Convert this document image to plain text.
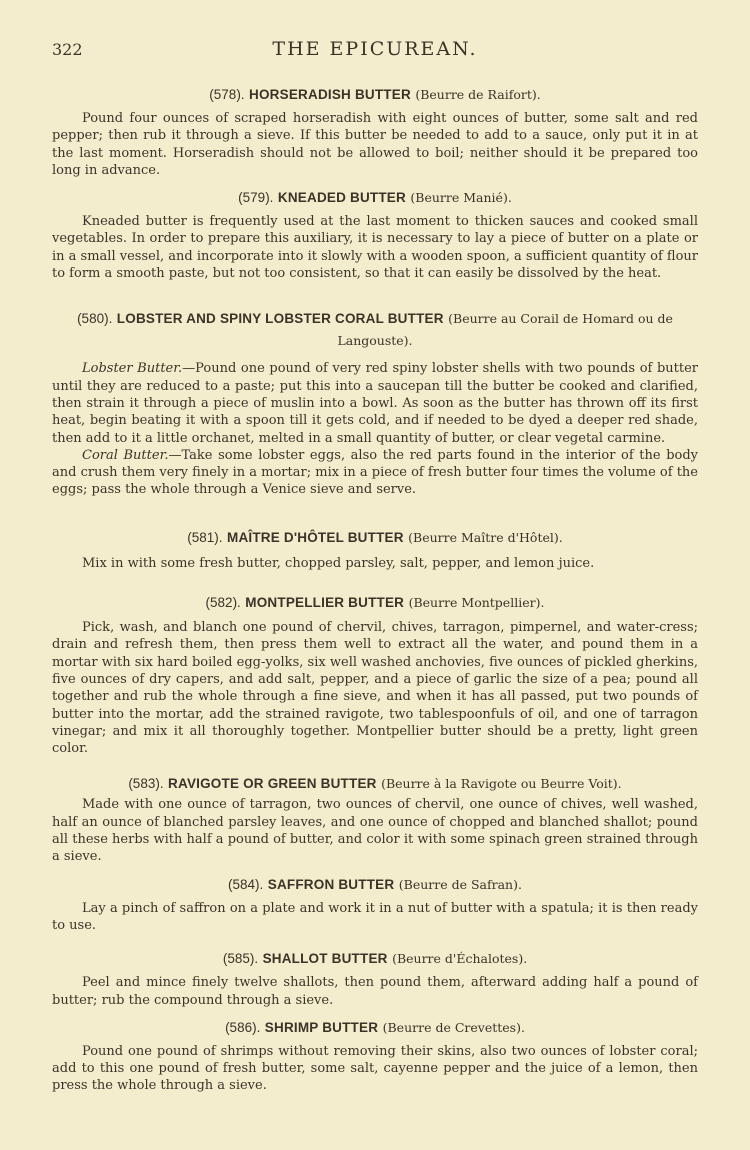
322	THE EPICUREAN.
(578). HORSERADISH BUTTER (Beurre de Raifort).

Pound four ounces of scraped horseradish with eight ounces of butter, some salt and red pepper; then rub it through a sieve. If this butter be needed to add to a sauce, only put it in at the last moment. Horseradish should not be allowed to boil; neither should it be prepared too long in advance.

(579). KNEADED BUTTER (Beurre Manié).

Kneaded butter is frequently used at the last moment to thicken sauces and cooked small vegetables. In order to prepare this auxiliary, it is necessary to lay a piece of butter on a plate or in a small vessel, and incorporate into it slowly with a wooden spoon, a sufficient quantity of flour to form a smooth paste, but not too consistent, so that it can easily be dissolved by the heat.

(580). LOBSTER AND SPINY LOBSTER CORAL BUTTER (Beurre au Corail de Homard ou de Langouste).

Lobster Butter.—Pound one pound of very red spiny lobster shells with two pounds of butter until they are reduced to a paste; put this into a saucepan till the butter be cooked and clarified, then strain it through a piece of muslin into a bowl. As soon as the butter has thrown off its first heat, begin beating it with a spoon till it gets cold, and if needed to be dyed a deeper red shade, then add to it a little orchanet, melted in a small quantity of butter, or clear vegetal carmine.

Coral Butter.—Take some lobster eggs, also the red parts found in the interior of the body and crush them very finely in a mortar; mix in a piece of fresh butter four times the volume of the eggs; pass the whole through a Venice sieve and serve.

(581). MAÎTRE D'HÔTEL BUTTER (Beurre Maître d'Hôtel).

Mix in with some fresh butter, chopped parsley, salt, pepper, and lemon juice.

(582). MONTPELLIER BUTTER (Beurre Montpellier).

Pick, wash, and blanch one pound of chervil, chives, tarragon, pimpernel, and water-cress; drain and refresh them, then press them well to extract all the water, and pound them in a mortar with six hard boiled egg-yolks, six well washed anchovies, five ounces of pickled gherkins, five ounces of dry capers, and add salt, pepper, and a piece of garlic the size of a pea; pound all together and rub the whole through a fine sieve, and when it has all passed, put two pounds of butter into the mortar, add the strained ravigote, two tablespoonfuls of oil, and one of tarragon vinegar; and mix it all thoroughly together. Montpellier butter should be a pretty, light green color.

(583). RAVIGOTE OR GREEN BUTTER (Beurre à la Ravigote ou Beurre Voit).

Made with one ounce of tarragon, two ounces of chervil, one ounce of chives, well washed, half an ounce of blanched parsley leaves, and one ounce of chopped and blanched shallot; pound all these herbs with half a pound of butter, and color it with some spinach green strained through a sieve.

(584). SAFFRON BUTTER (Beurre de Safran).

Lay a pinch of saffron on a plate and work it in a nut of butter with a spatula; it is then ready to use.

(585). SHALLOT BUTTER (Beurre d'Échalotes).

Peel and mince finely twelve shallots, then pound them, afterward adding half a pound of butter; rub the compound through a sieve.

(586). SHRIMP BUTTER (Beurre de Crevettes).

Pound one pound of shrimps without removing their skins, also two ounces of lobster coral; add to this one pound of fresh butter, some salt, cayenne pepper and the juice of a lemon, then press the whole through a sieve.
